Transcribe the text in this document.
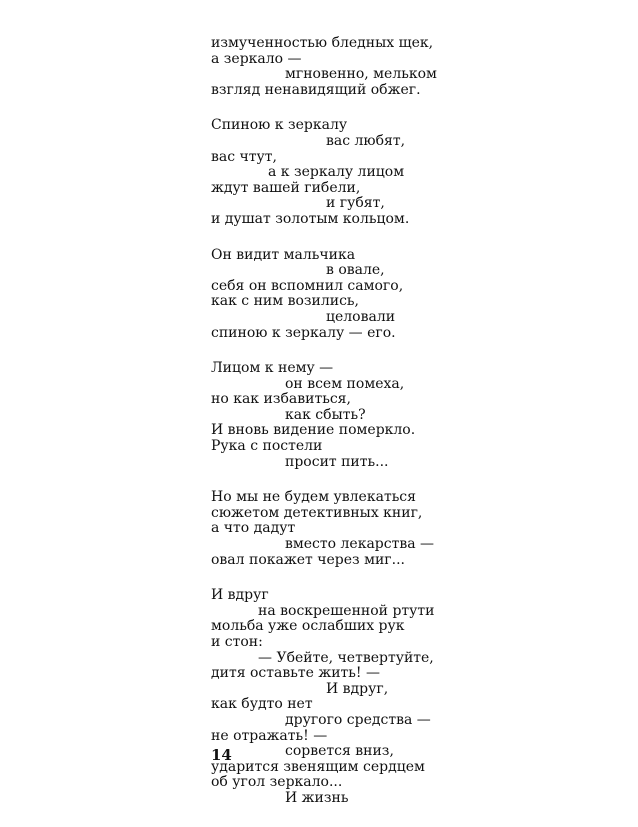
измученностью бледных щек,
а зеркало —
мгновенно, мельком
взгляд ненавидящий обжег.
Спиною к зеркалу
вас любят,
вас чтут,
а к зеркалу лицом
ждут вашей гибели,
и губят,
и душат золотым кольцом.
Он видит мальчика
в овале,
себя он вспомнил самого,
как с ним возились,
целовали
спиною к зеркалу — его.
Лицом к нему —
он всем помеха,
но как избавиться,
как сбыть?
И вновь видение померкло.
Рука с постели
просит пить...
Но мы не будем увлекаться
сюжетом детективных книг,
а что дадут
вместо лекарства —
овал покажет через миг...
И вдруг
на воскрешенной ртути
мольба уже ослабших рук
и стон:
— Убейте, четвертуйте,
дитя оставьте жить! —
И вдруг,
как будто нет
другого средства —
не отражать! —
сорвется вниз,
ударится звенящим сердцем
об угол зеркало...
И жизнь
14
